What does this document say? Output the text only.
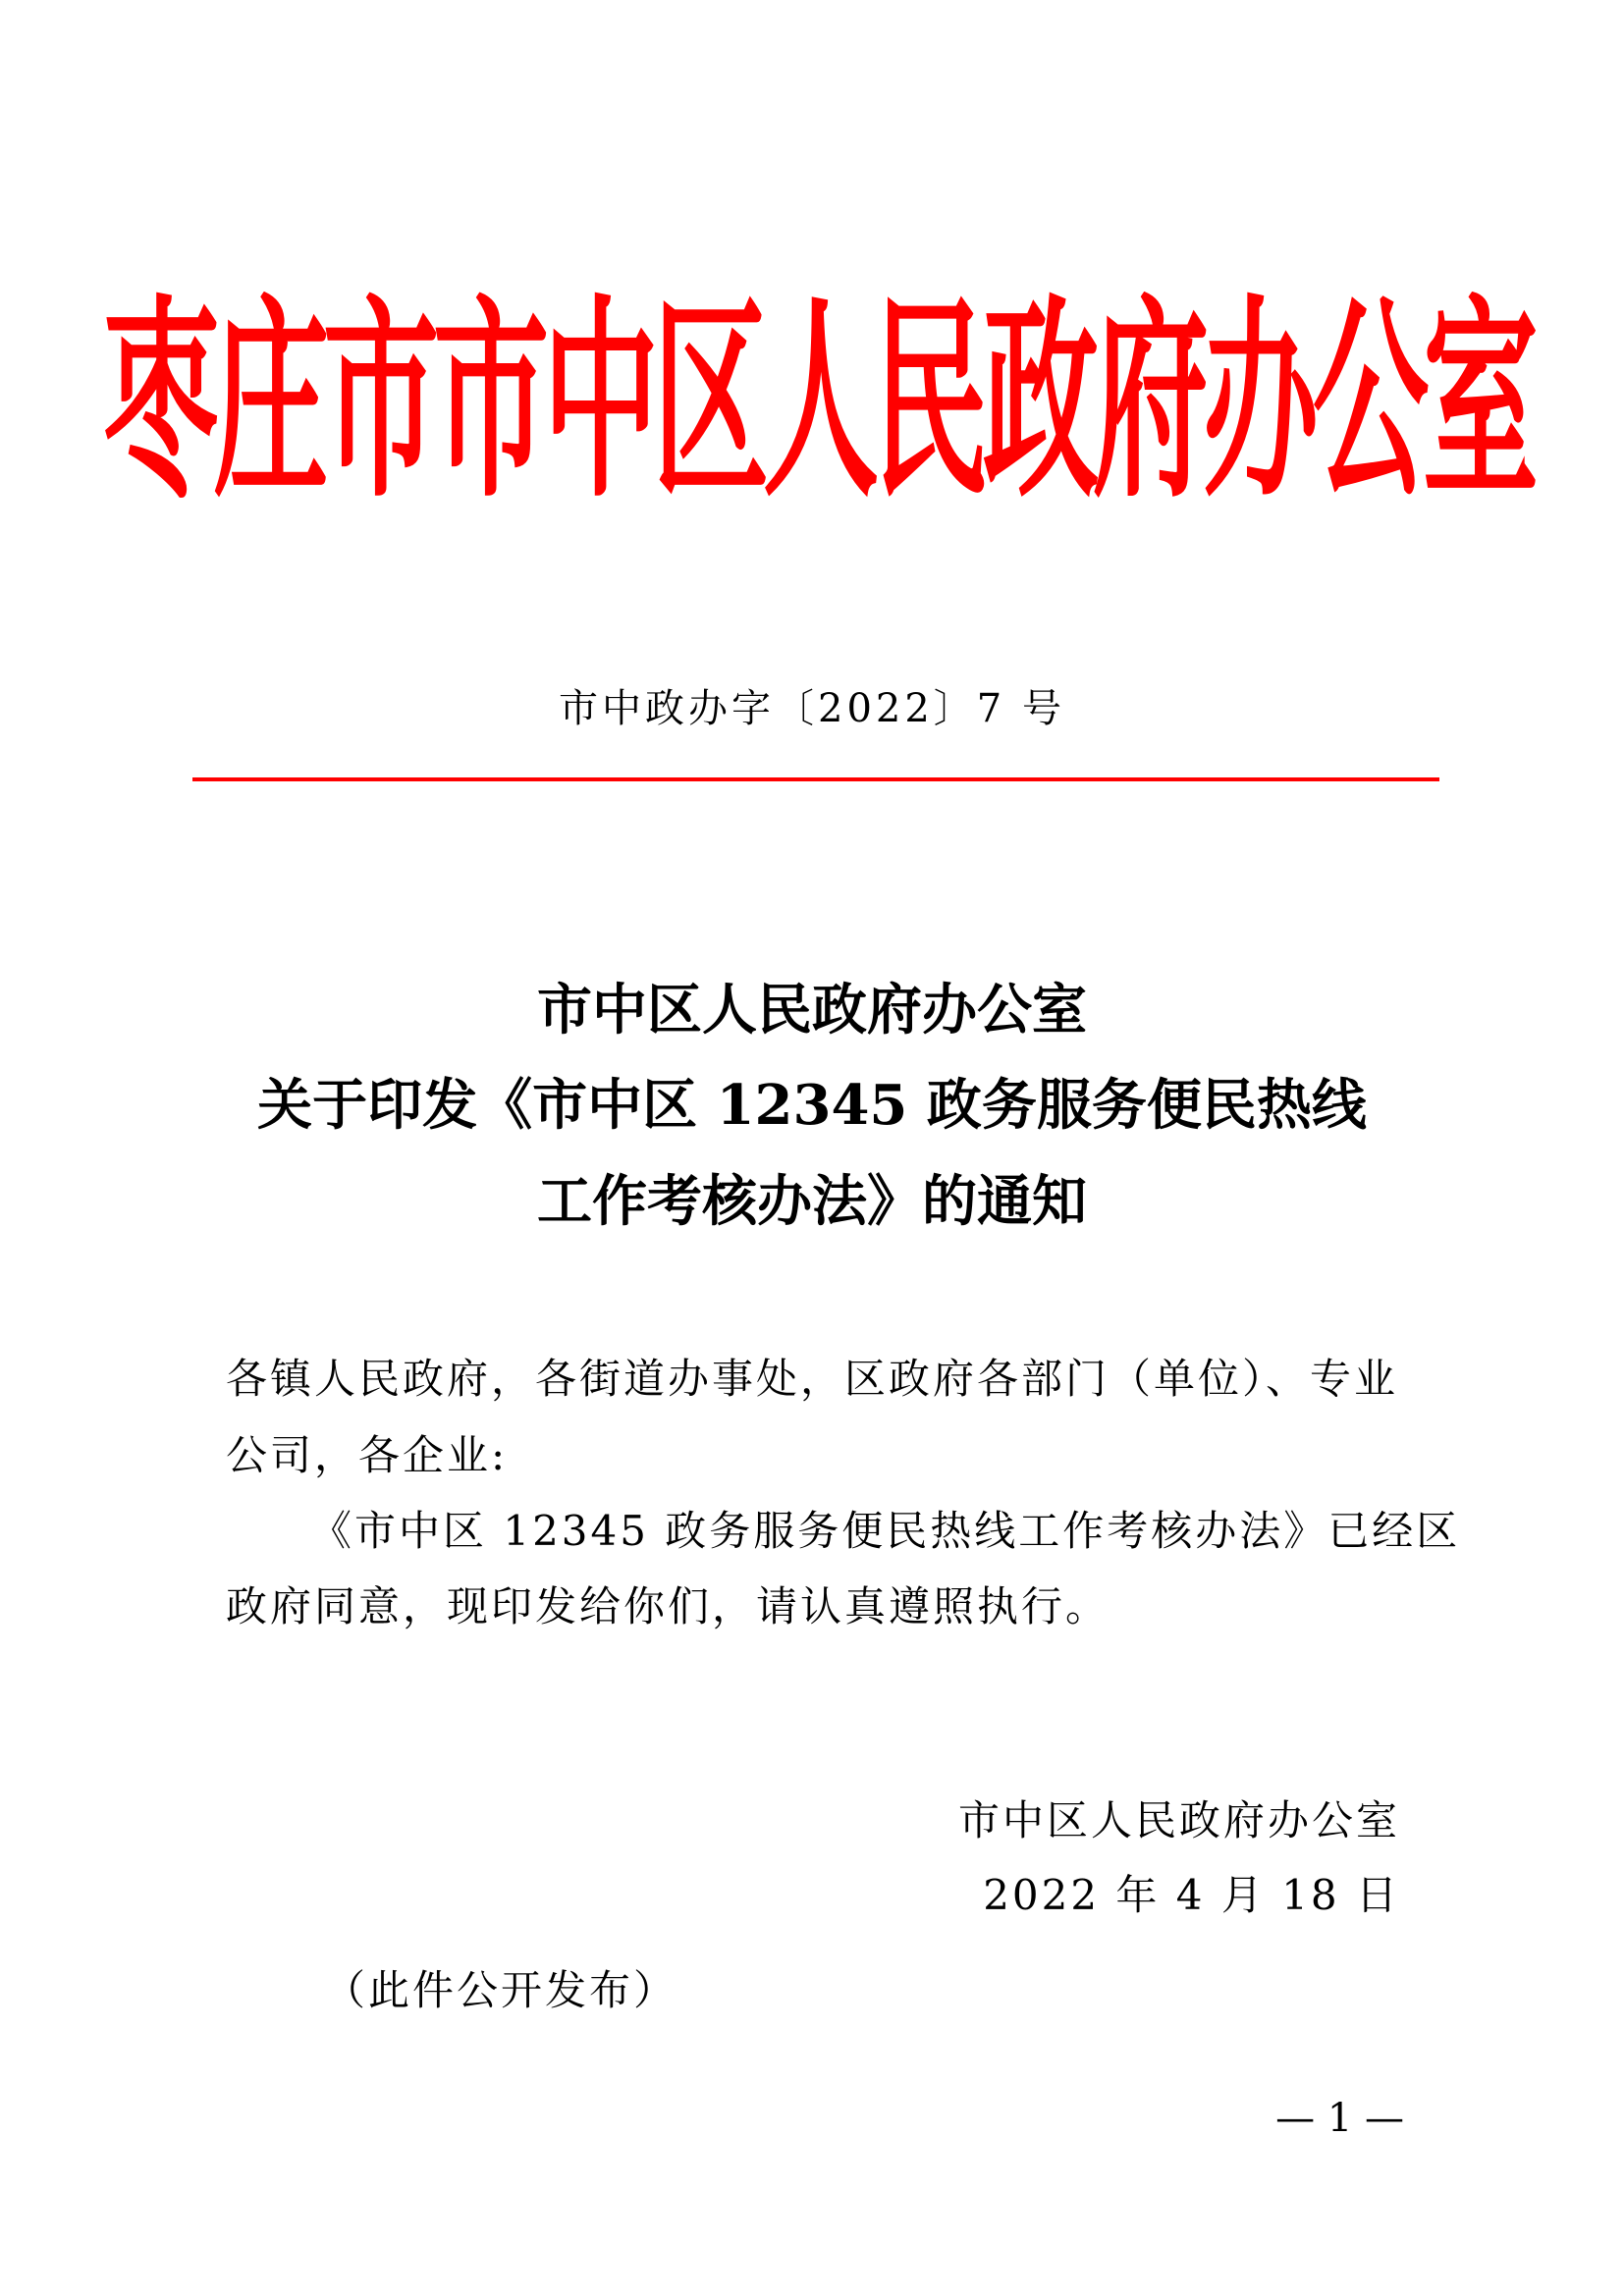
枣庄市市中区人民政府办公室
市中政办字〔2022〕7 号
市中区人民政府办公室
关于印发《市中区 12345 政务服务便民热线
工作考核办法》的通知
各镇人民政府，各街道办事处，区政府各部门（单位）、专业
公司，各企业:
《市中区 12345 政务服务便民热线工作考核办法》已经区
政府同意，现印发给你们，请认真遵照执行。
市中区人民政府办公室
2022 年 4 月 18 日
（此件公开发布）
— 1 —
